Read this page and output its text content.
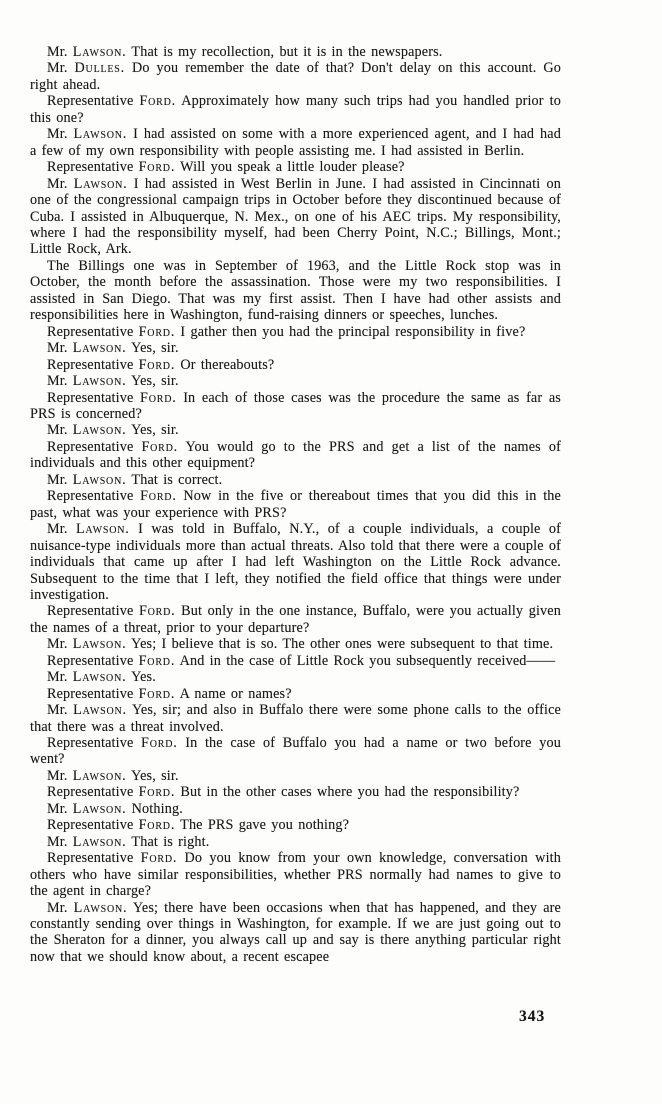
Mr. Lawson. That is my recollection, but it is in the newspapers.

Mr. Dulles. Do you remember the date of that? Don't delay on this account. Go right ahead.

Representative Ford. Approximately how many such trips had you handled prior to this one?

Mr. Lawson. I had assisted on some with a more experienced agent, and I had had a few of my own responsibility with people assisting me. I had assisted in Berlin.

Representative Ford. Will you speak a little louder please?

Mr. Lawson. I had assisted in West Berlin in June. I had assisted in Cincinnati on one of the congressional campaign trips in October before they discontinued because of Cuba. I assisted in Albuquerque, N. Mex., on one of his AEC trips. My responsibility, where I had the responsibility myself, had been Cherry Point, N.C.; Billings, Mont.; Little Rock, Ark.

The Billings one was in September of 1963, and the Little Rock stop was in October, the month before the assassination. Those were my two responsibilities. I assisted in San Diego. That was my first assist. Then I have had other assists and responsibilities here in Washington, fund-raising dinners or speeches, lunches.

Representative Ford. I gather then you had the principal responsibility in five?

Mr. Lawson. Yes, sir.

Representative Ford. Or thereabouts?

Mr. Lawson. Yes, sir.

Representative Ford. In each of those cases was the procedure the same as far as PRS is concerned?

Mr. Lawson. Yes, sir.

Representative Ford. You would go to the PRS and get a list of the names of individuals and this other equipment?

Mr. Lawson. That is correct.

Representative Ford. Now in the five or thereabout times that you did this in the past, what was your experience with PRS?

Mr. Lawson. I was told in Buffalo, N.Y., of a couple individuals, a couple of nuisance-type individuals more than actual threats. Also told that there were a couple of individuals that came up after I had left Washington on the Little Rock advance. Subsequent to the time that I left, they notified the field office that things were under investigation.

Representative Ford. But only in the one instance, Buffalo, were you actually given the names of a threat, prior to your departure?

Mr. Lawson. Yes; I believe that is so. The other ones were subsequent to that time.

Representative Ford. And in the case of Little Rock you subsequently received——

Mr. Lawson. Yes.

Representative Ford. A name or names?

Mr. Lawson. Yes, sir; and also in Buffalo there were some phone calls to the office that there was a threat involved.

Representative Ford. In the case of Buffalo you had a name or two before you went?

Mr. Lawson. Yes, sir.

Representative Ford. But in the other cases where you had the responsibility?

Mr. Lawson. Nothing.

Representative Ford. The PRS gave you nothing?

Mr. Lawson. That is right.

Representative Ford. Do you know from your own knowledge, conversation with others who have similar responsibilities, whether PRS normally had names to give to the agent in charge?

Mr. Lawson. Yes; there have been occasions when that has happened, and they are constantly sending over things in Washington, for example. If we are just going out to the Sheraton for a dinner, you always call up and say is there anything particular right now that we should know about, a recent escapee

343
